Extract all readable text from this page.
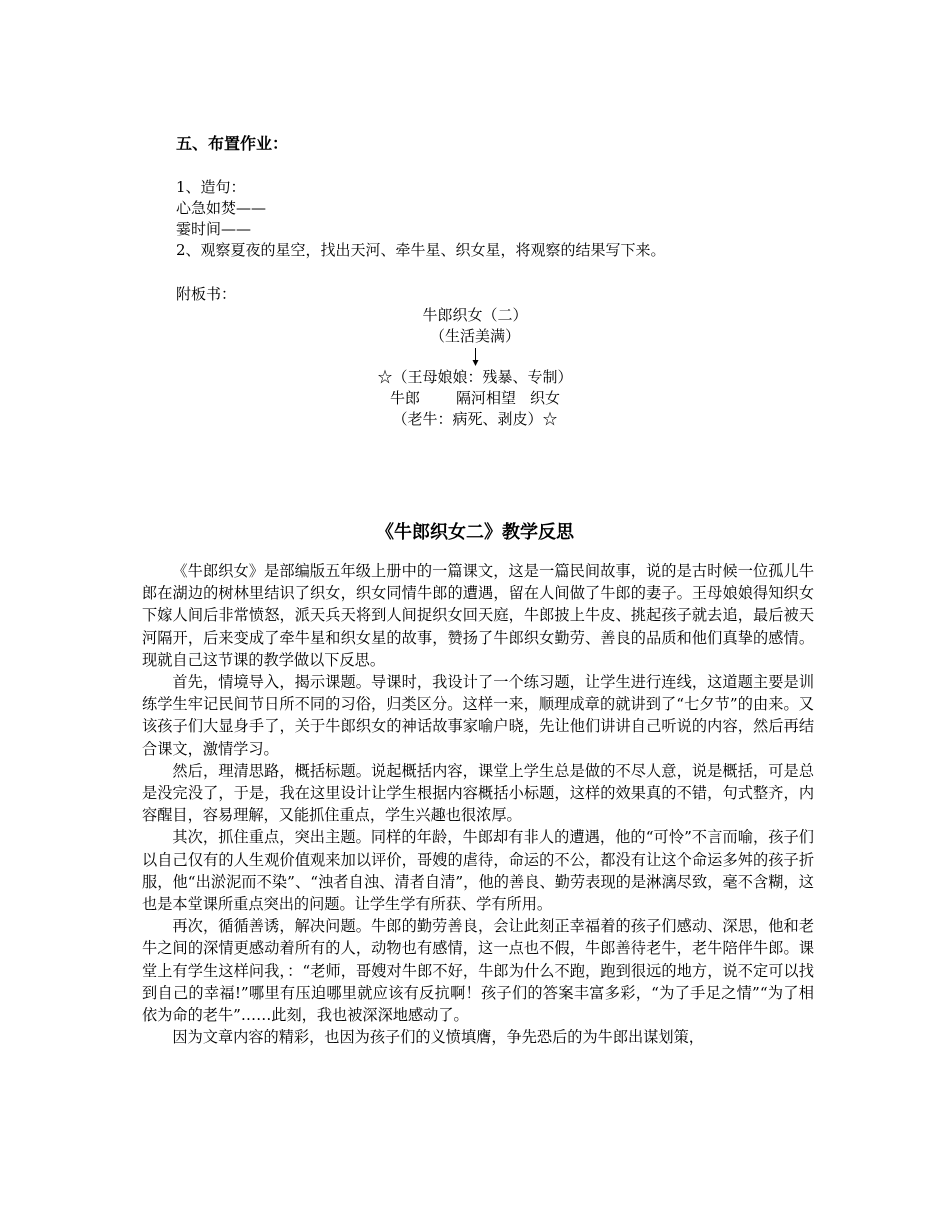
五、布置作业：
1、造句：
心急如焚——
霎时间——
2、观察夏夜的星空，找出天河、牵牛星、织女星，将观察的结果写下来。
附板书：
牛郎织女（二）
（生活美满）
☆（王母娘娘：残暴、专制）
牛郎 隔河相望 织女
（老牛：病死、剥皮）☆
《牛郎织女二》教学反思

《牛郎织女》是部编版五年级上册中的一篇课文，这是一篇民间故事，说的是古时候一位孤儿牛郎在湖边的树林里结识了织女，织女同情牛郎的遭遇，留在人间做了牛郎的妻子。王母娘娘得知织女下嫁人间后非常愤怒，派天兵天将到人间捉织女回天庭，牛郎披上牛皮、挑起孩子就去追，最后被天河隔开，后来变成了牵牛星和织女星的故事，赞扬了牛郎织女勤劳、善良的品质和他们真挚的感情。现就自己这节课的教学做以下反思。

首先，情境导入，揭示课题。导课时，我设计了一个练习题，让学生进行连线，这道题主要是训练学生牢记民间节日所不同的习俗，归类区分。这样一来，顺理成章的就讲到了“七夕节”的由来。又该孩子们大显身手了，关于牛郎织女的神话故事家喻户晓，先让他们讲讲自己听说的内容，然后再结合课文，激情学习。

然后，理清思路，概括标题。说起概括内容，课堂上学生总是做的不尽人意，说是概括，可是总是没完没了，于是，我在这里设计让学生根据内容概括小标题，这样的效果真的不错，句式整齐，内容醒目，容易理解，又能抓住重点，学生兴趣也很浓厚。

其次，抓住重点，突出主题。同样的年龄，牛郎却有非人的遭遇，他的“可怜”不言而喻，孩子们以自己仅有的人生观价值观来加以评价，哥嫂的虐待，命运的不公，都没有让这个命运多舛的孩子折服，他“出淤泥而不染”、“浊者自浊、清者自清”，他的善良、勤劳表现的是淋漓尽致，毫不含糊，这也是本堂课所重点突出的问题。让学生学有所获、学有所用。

再次，循循善诱，解决问题。牛郎的勤劳善良，会让此刻正幸福着的孩子们感动、深思，他和老牛之间的深情更感动着所有的人，动物也有感情，这一点也不假，牛郎善待老牛，老牛陪伴牛郎。课堂上有学生这样问我，：“老师，哥嫂对牛郎不好，牛郎为什么不跑，跑到很远的地方，说不定可以找到自己的幸福!”哪里有压迫哪里就应该有反抗啊！孩子们的答案丰富多彩，“为了手足之情”“为了相依为命的老牛”……此刻，我也被深深地感动了。

因为文章内容的精彩，也因为孩子们的义愤填膺，争先恐后的为牛郎出谋划策，
